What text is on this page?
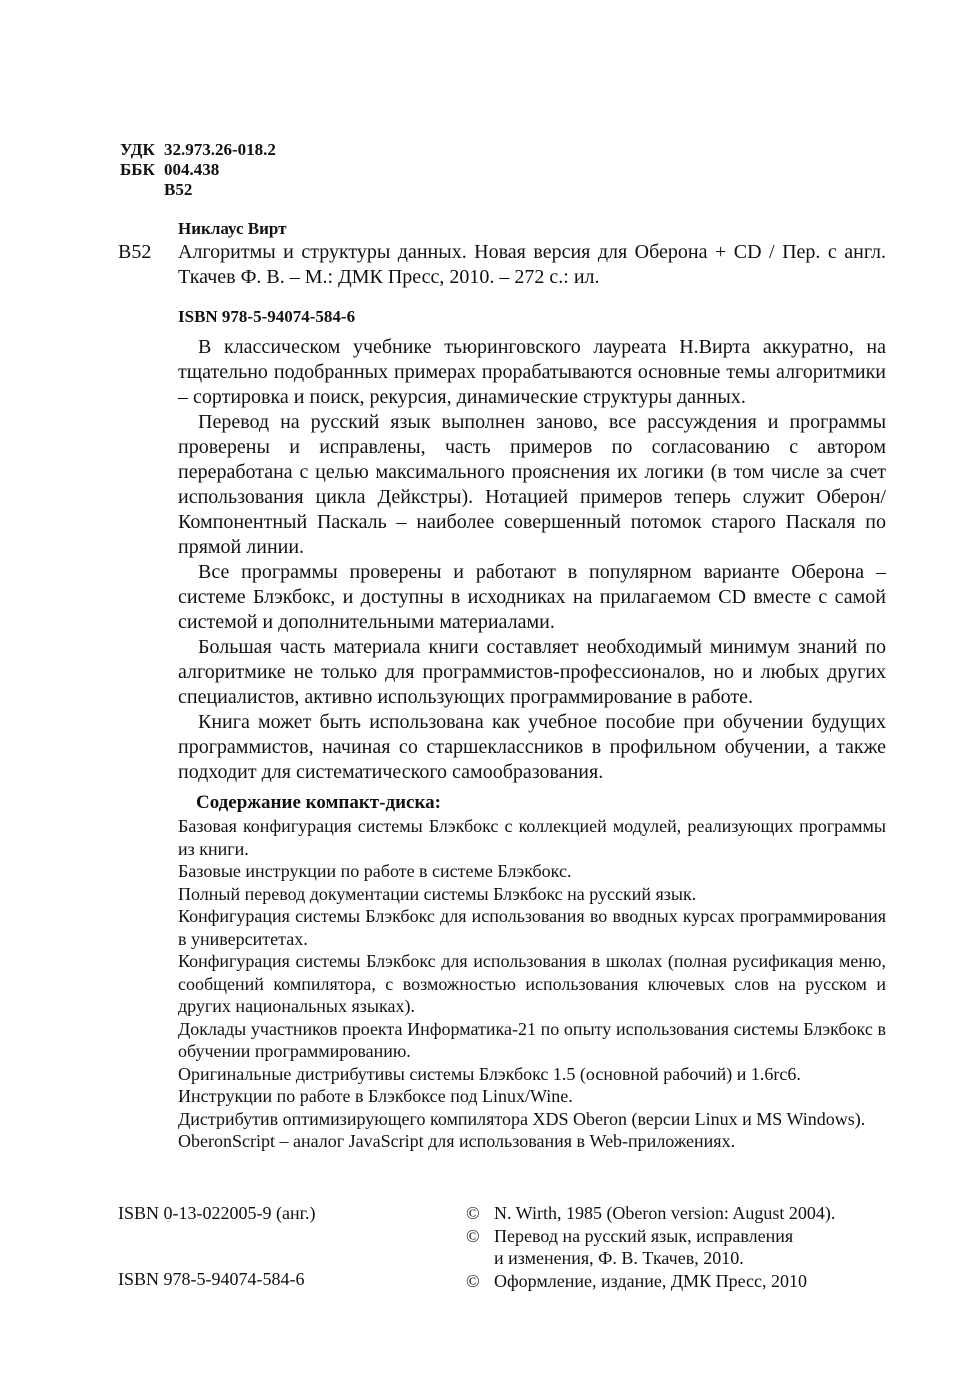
УДК 32.973.26-018.2
ББК 004.438
В52
Никлаус Вирт
В52 Алгоритмы и структуры данных. Новая версия для Оберона + CD / Пер. с англ. Ткачев Ф. В. – М.: ДМК Пресс, 2010. – 272 с.: ил.
ISBN 978-5-94074-584-6

В классическом учебнике тьюринговского лауреата Н.Вирта аккуратно, на тщательно подобранных примерах прорабатываются основные темы алгоритмики – сортировка и поиск, рекурсия, динамические структуры данных.

Перевод на русский язык выполнен заново, все рассуждения и программы проверены и исправлены, часть примеров по согласованию с автором переработана с целью максимального прояснения их логики (в том числе за счет использования цикла Дейкстры). Нотацией примеров теперь служит Оберон/Компонентный Паскаль – наиболее совершенный потомок старого Паскаля по прямой линии.

Все программы проверены и работают в популярном варианте Оберона – системе Блэкбокс, и доступны в исходниках на прилагаемом CD вместе с самой системой и дополнительными материалами.

Большая часть материала книги составляет необходимый минимум знаний по алгоритмике не только для программистов-профессионалов, но и любых других специалистов, активно использующих программирование в работе.

Книга может быть использована как учебное пособие при обучении будущих программистов, начиная со старшеклассников в профильном обучении, а также подходит для систематического самообразования.

Содержание компакт-диска:
Базовая конфигурация системы Блэкбокс с коллекцией модулей, реализующих программы из книги.
Базовые инструкции по работе в системе Блэкбокс.
Полный перевод документации системы Блэкбокс на русский язык.
Конфигурация системы Блэкбокс для использования во вводных курсах программирования в университетах.
Конфигурация системы Блэкбокс для использования в школах (полная русификация меню, сообщений компилятора, с возможностью использования ключевых слов на русском и других национальных языках).
Доклады участников проекта Информатика-21 по опыту использования системы Блэкбокс в обучении программированию.
Оригинальные дистрибутивы системы Блэкбокс 1.5 (основной рабочий) и 1.6rc6.
Инструкции по работе в Блэкбоксе под Linux/Wine.
Дистрибутив оптимизирующего компилятора XDS Oberon (версии Linux и MS Windows).
OberonScript – аналог JavaScript для использования в Web-приложениях.
ISBN 0-13-022005-9 (анг.)
ISBN 978-5-94074-584-6
© N. Wirth, 1985 (Oberon version: August 2004).
© Перевод на русский язык, исправления
и изменения, Ф. В. Ткачев, 2010.
© Оформление, издание, ДМК Пресс, 2010
